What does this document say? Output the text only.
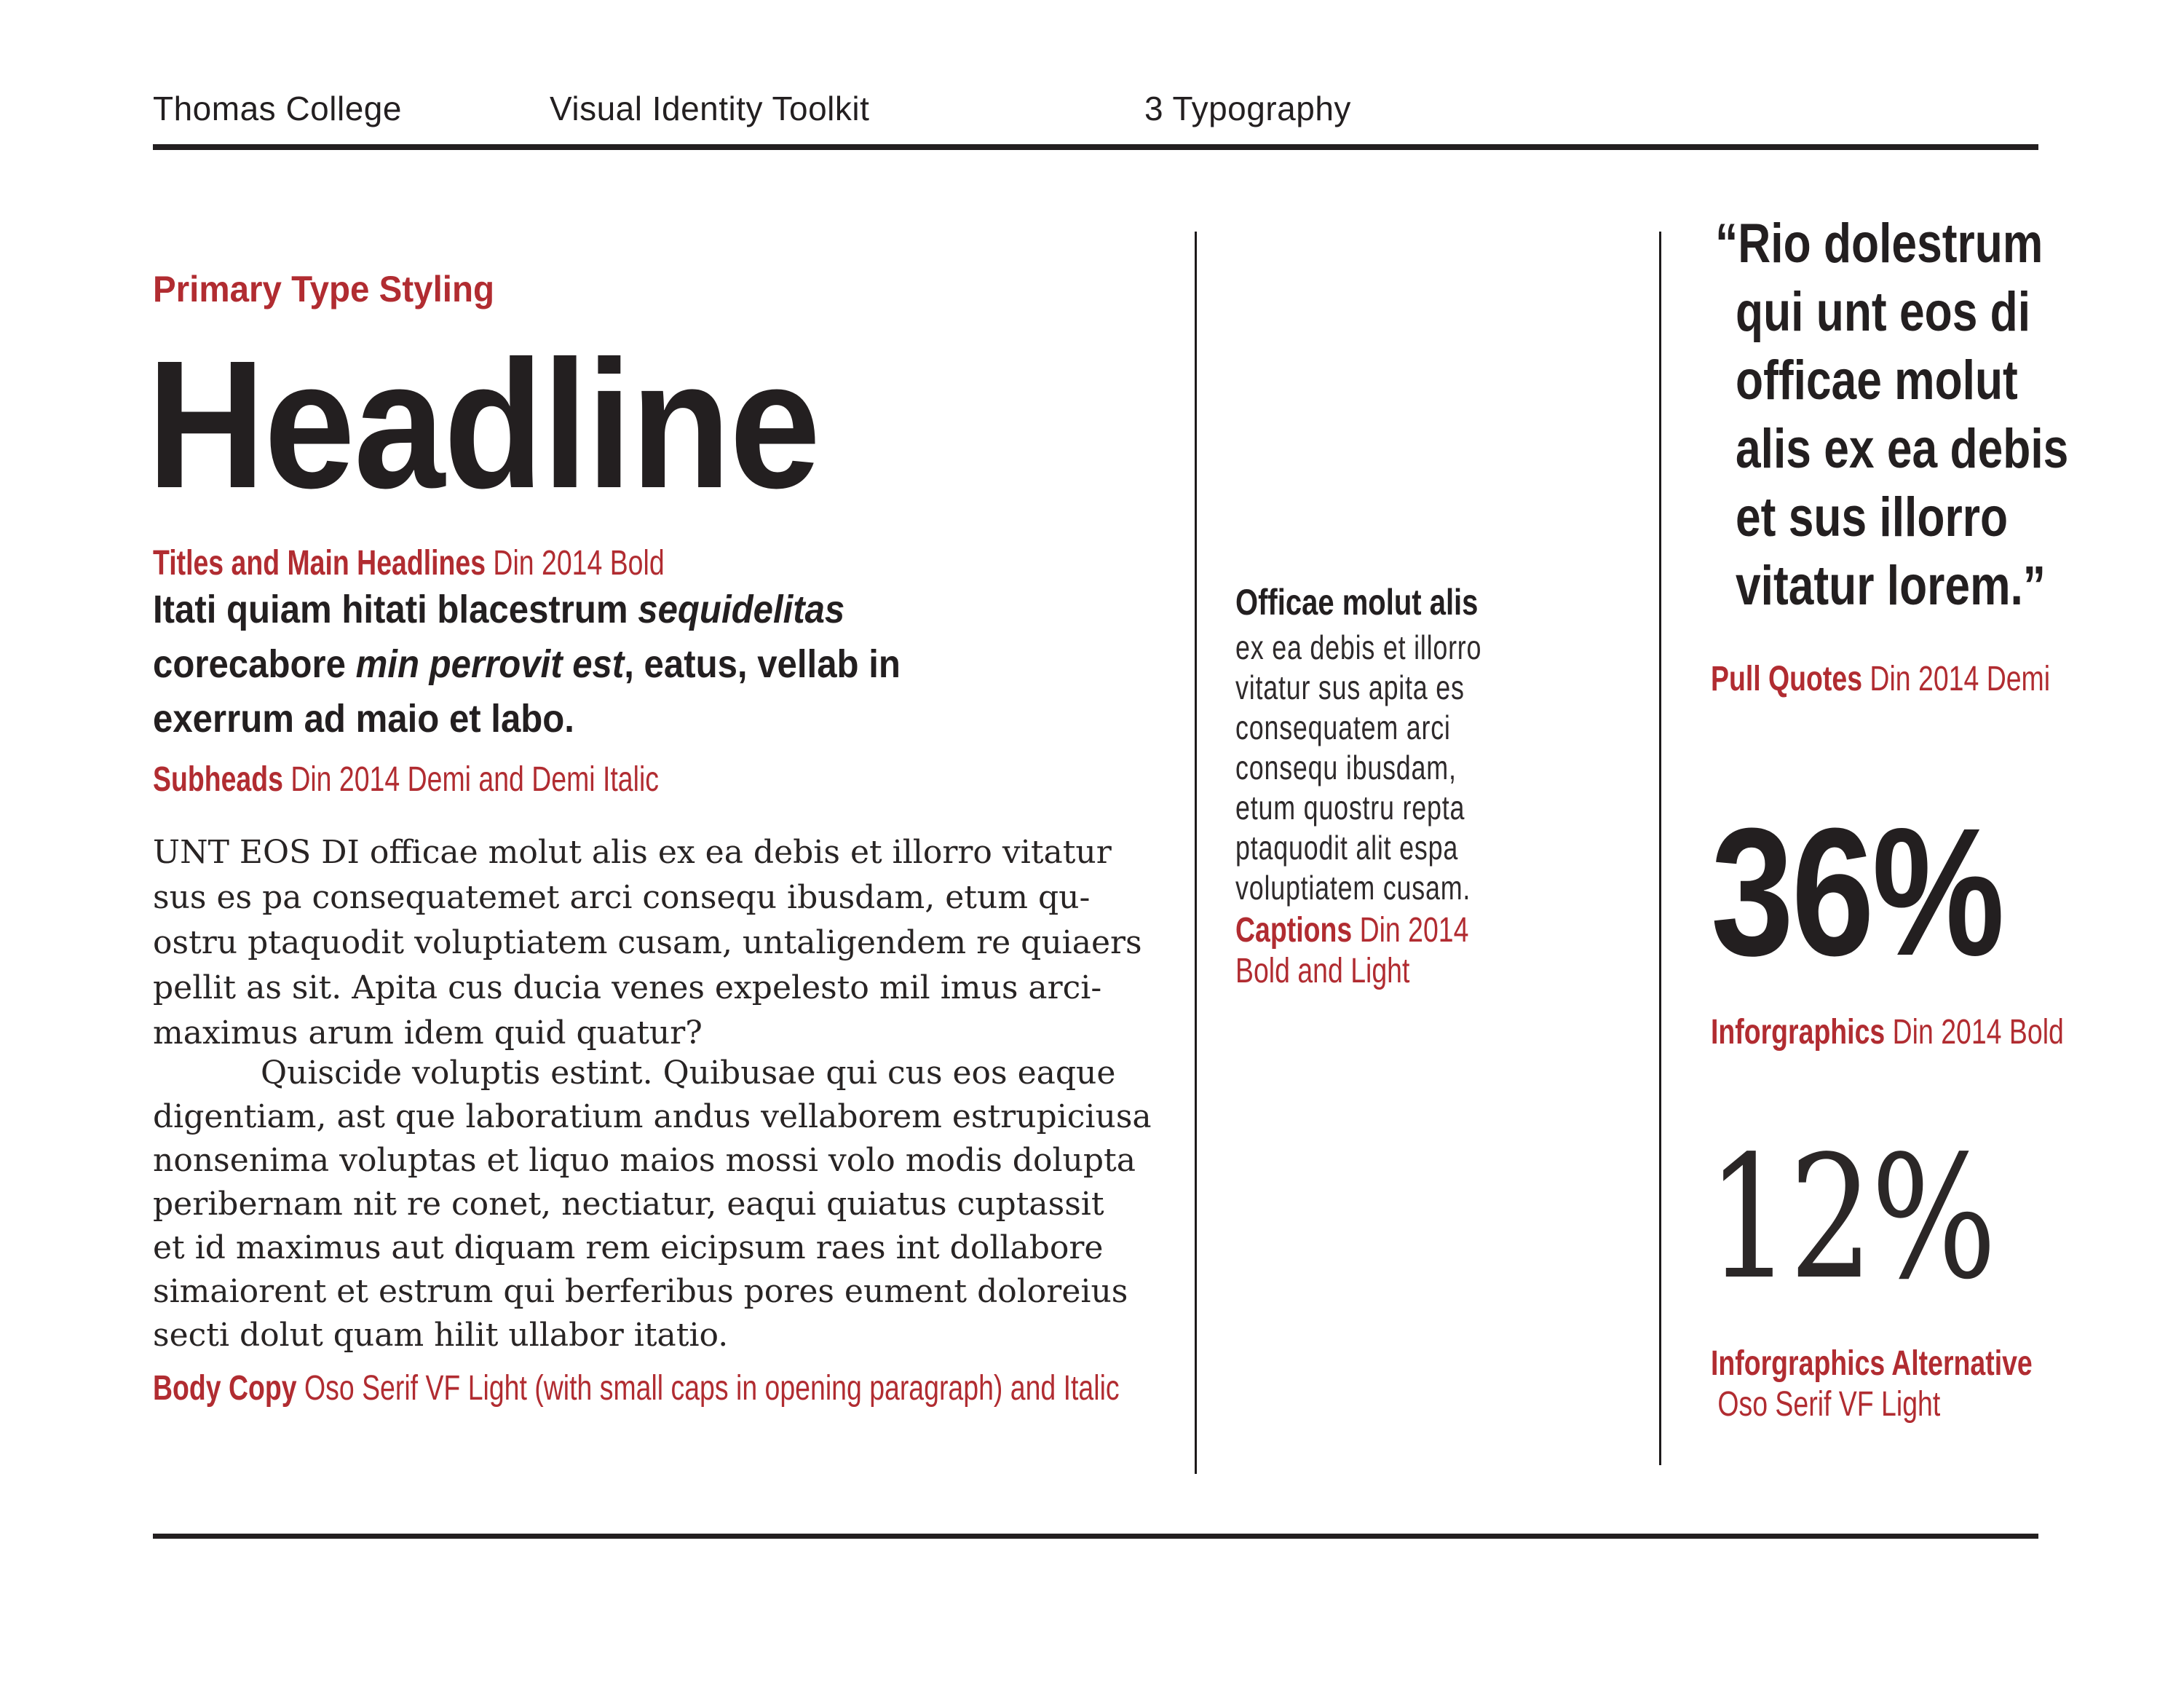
Thomas College	Visual Identity Toolkit	3 Typography
Primary Type Styling
Headline
Titles and Main Headlines Din 2014 Bold
Itati quiam hitati blacestrum sequidelitas
corecabore min perrovit est, eatus, vellab in
exerrum ad maio et labo.
Subheads Din 2014 Demi and Demi Italic
UNT EOS DI officae molut alis ex ea debis et illorro vitatur
sus es pa consequatemet arci consequ ibusdam, etum qu-
ostru ptaquodit voluptiatem cusam, untaligendem re quiaers
pellit as sit. Apita cus ducia venes expelesto mil imus arci-
maximus arum idem quid quatur?
Quiscide voluptis estint. Quibusae qui cus eos eaque
digentiam, ast que laboratium andus vellaborem estrupiciusa
nonsenima voluptas et liquo maios mossi volo modis dolupta
peribernam nit re conet, nectiatur, eaqui quiatus cuptassit
et id maximus aut diquam rem eicipsum raes int dollabore
simaiorent et estrum qui berferibus pores eument doloreius
secti dolut quam hilit ullabor itatio.
Body Copy Oso Serif VF Light (with small caps in opening paragraph) and Italic
Officae molut alis
ex ea debis et illorro
vitatur sus apita es
consequatem arci
consequ ibusdam,
etum quostru repta
ptaquodit alit espa
voluptiatem cusam.
Captions Din 2014
Bold and Light
“Rio dolestrum
qui unt eos di
officae molut
alis ex ea debis
et sus illorro
vitatur lorem.”
Pull Quotes Din 2014 Demi
36%
Inforgraphics Din 2014 Bold
12%
Inforgraphics Alternative
Oso Serif VF Light
